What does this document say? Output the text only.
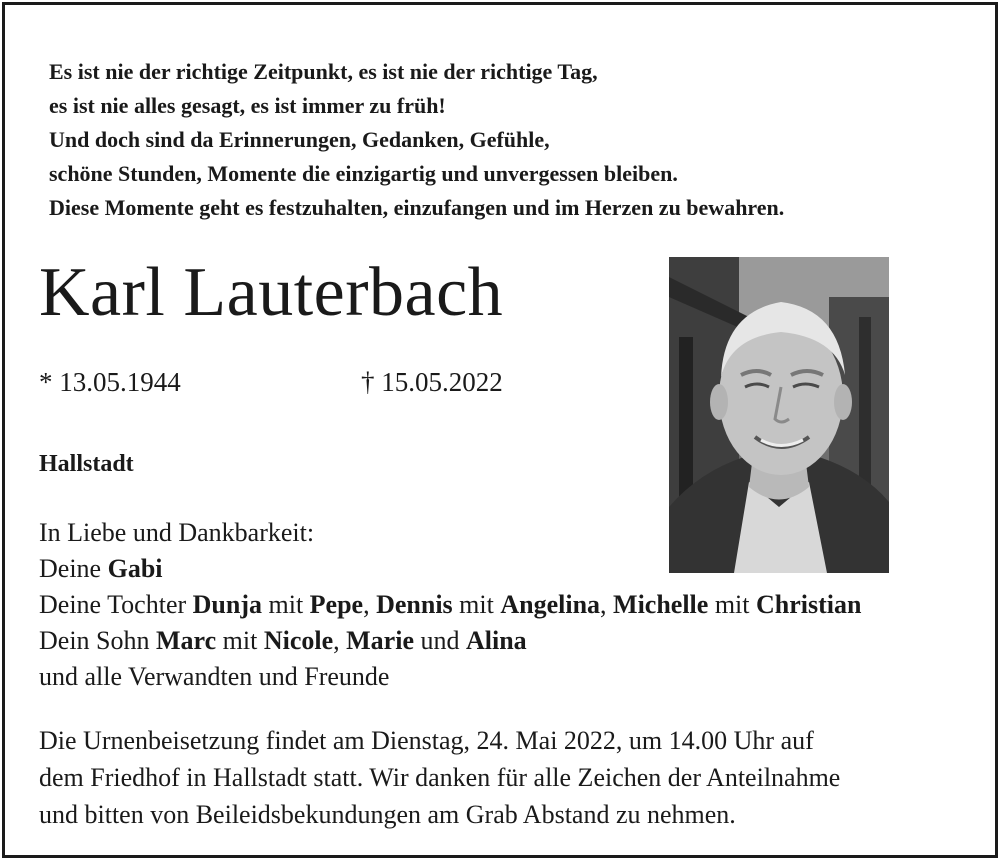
Es ist nie der richtige Zeitpunkt, es ist nie der richtige Tag,
es ist nie alles gesagt, es ist immer zu früh!
Und doch sind da Erinnerungen, Gedanken, Gefühle,
schöne Stunden, Momente die einzigartig und unvergessen bleiben.
Diese Momente geht es festzuhalten, einzufangen und im Herzen zu bewahren.
Karl Lauterbach
* 13.05.1944	† 15.05.2022
Hallstadt
In Liebe und Dankbarkeit:
Deine Gabi
Deine Tochter Dunja mit Pepe, Dennis mit Angelina, Michelle mit Christian
Dein Sohn Marc mit Nicole, Marie und Alina
und alle Verwandten und Freunde
Die Urnenbeisetzung findet am Dienstag, 24. Mai 2022, um 14.00 Uhr auf
dem Friedhof in Hallstadt statt. Wir danken für alle Zeichen der Anteilnahme
und bitten von Beileidsbekundungen am Grab Abstand zu nehmen.
